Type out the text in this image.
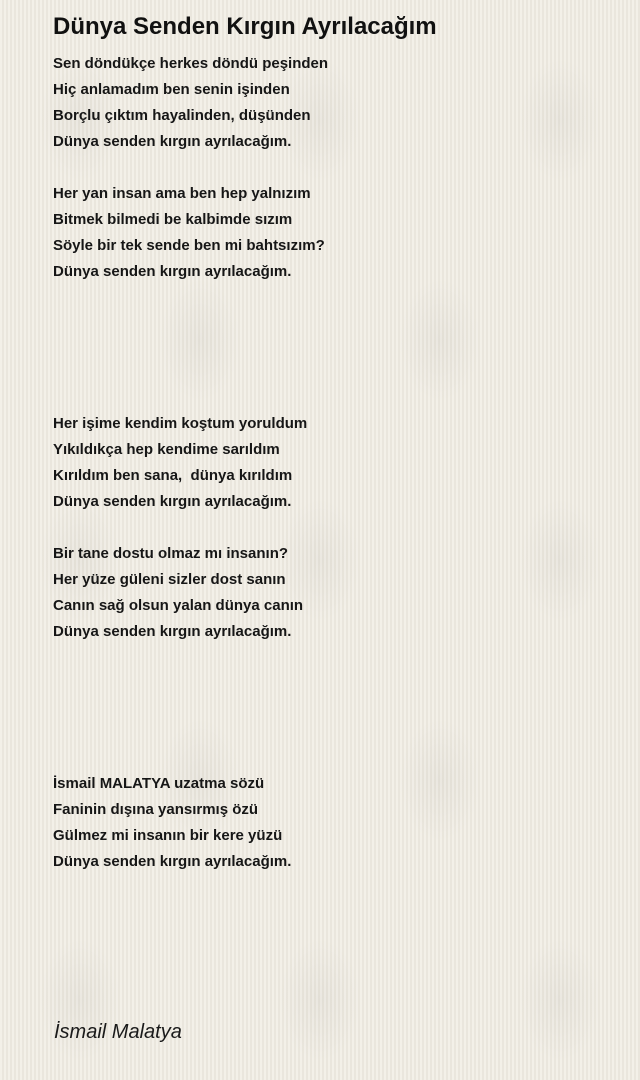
Dünya Senden Kırgın Ayrılacağım
Sen döndükçe herkes döndü peşinden
Hiç anlamadım ben senin işinden
Borçlu çıktım hayalinden, düşünden
Dünya senden kırgın ayrılacağım.
Her yan insan ama ben hep yalnızım
Bitmek bilmedi be kalbimde sızım
Söyle bir tek sende ben mi bahtsızım?
Dünya senden kırgın ayrılacağım.
Her işime kendim koştum yoruldum
Yıkıldıkça hep kendime sarıldım
Kırıldım ben sana,  dünya kırıldım
Dünya senden kırgın ayrılacağım.
Bir tane dostu olmaz mı insanın?
Her yüze güleni sizler dost sanın
Canın sağ olsun yalan dünya canın
Dünya senden kırgın ayrılacağım.
İsmail MALATYA uzatma sözü
Faninin dışına yansırmış özü
Gülmez mi insanın bir kere yüzü
Dünya senden kırgın ayrılacağım.
İsmail Malatya
